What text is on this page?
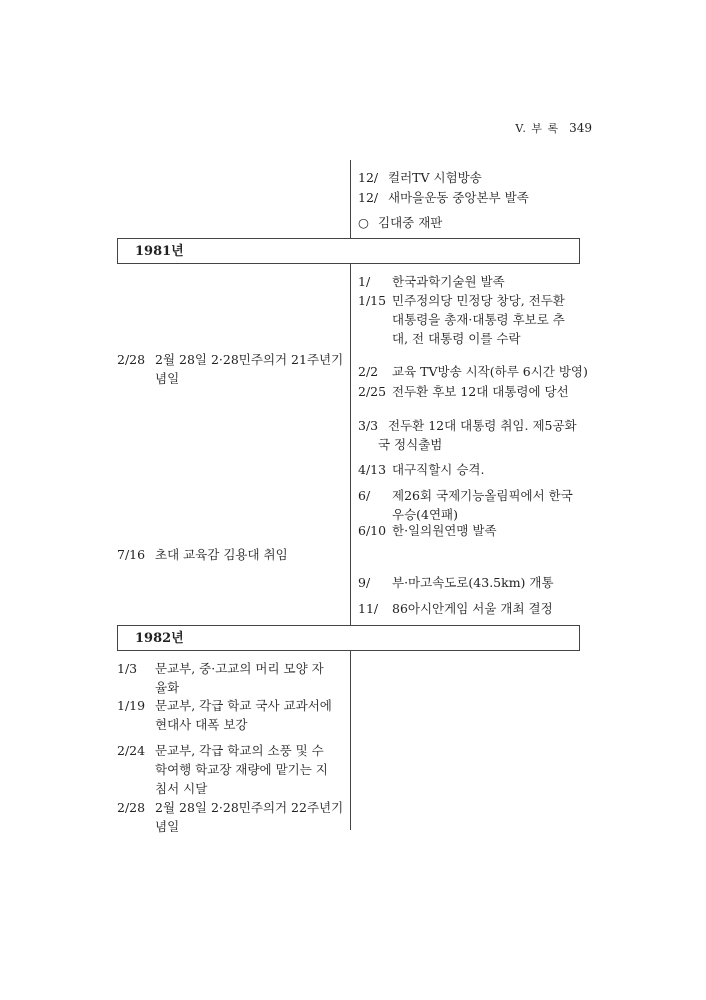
V. 부 록 349
12/ 컬러TV 시험방송
12/ 새마을운동 중앙본부 발족
○ 김대중 재판
1981년
2/28 2월 28일 2·28민주의거 21주년기
념일
7/16 초대 교육감 김용대 취임
1/ 한국과학기술원 발족
1/15 민주정의당 민정당 창당, 전두환
대통령을 총재·대통령 후보로 추
대, 전 대통령 이를 수락
2/2 교육 TV방송 시작(하루 6시간 방영)
2/25 전두환 후보 12대 대통령에 당선
3/3 전두환 12대 대통령 취임. 제5공화
국 정식출범
4/13 대구직할시 승격.
6/ 제26회 국제기능올림픽에서 한국
우승(4연패)
6/10 한·일의원연맹 발족
9/ 부·마고속도로(43.5km) 개통
11/ 86아시안게임 서울 개최 결정
1982년
1/3 문교부, 중·고교의 머리 모양 자
율화
1/19 문교부, 각급 학교 국사 교과서에
현대사 대폭 보강
2/24 문교부, 각급 학교의 소풍 및 수
학여행 학교장 재량에 맡기는 지
침서 시달
2/28 2월 28일 2·28민주의거 22주년기
념일
